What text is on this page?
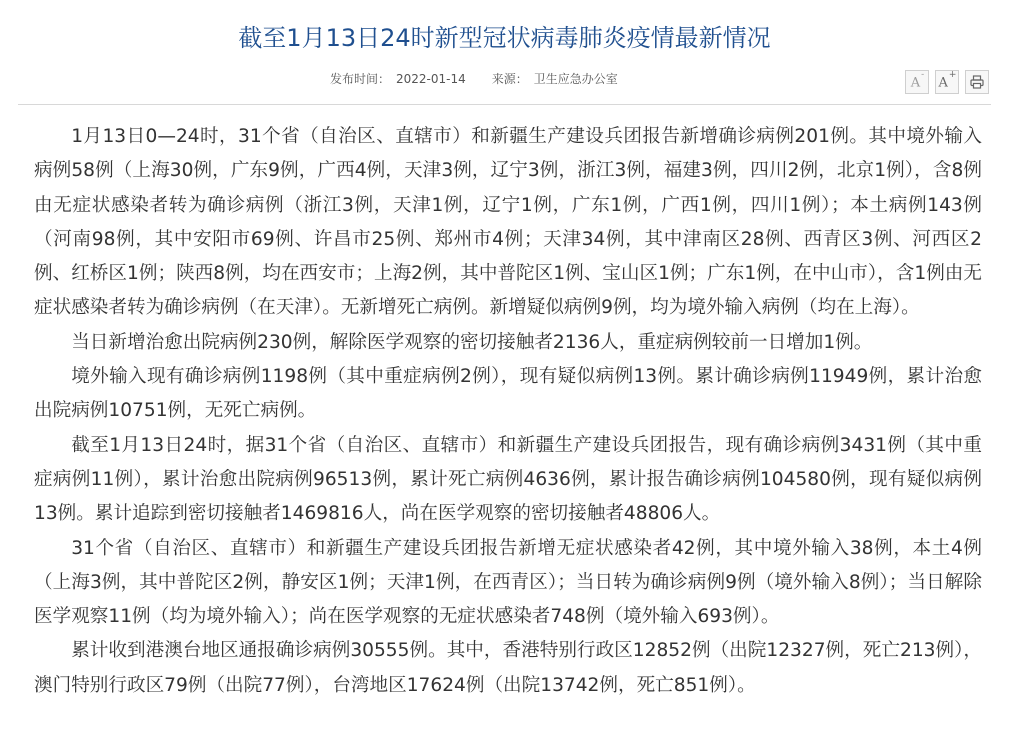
截至1月13日24时新型冠状病毒肺炎疫情最新情况
发布时间： 2022-01-14 来源： 卫生应急办公室	A-
A+

1月13日0—24时，31个省（自治区、直辖市）和新疆生产建设兵团报告新增确诊病例201例。其中境外输入病例58例（上海30例，广东9例，广西4例，天津3例，辽宁3例，浙江3例，福建3例，四川2例，北京1例），含8例由无症状感染者转为确诊病例（浙江3例，天津1例，辽宁1例，广东1例，广西1例，四川1例）；本土病例143例（河南98例，其中安阳市69例、许昌市25例、郑州市4例；天津34例，其中津南区28例、西青区3例、河西区2例、红桥区1例；陕西8例，均在西安市；上海2例，其中普陀区1例、宝山区1例；广东1例，在中山市），含1例由无症状感染者转为确诊病例（在天津）。无新增死亡病例。新增疑似病例9例，均为境外输入病例（均在上海）。

当日新增治愈出院病例230例，解除医学观察的密切接触者2136人，重症病例较前一日增加1例。

境外输入现有确诊病例1198例（其中重症病例2例），现有疑似病例13例。累计确诊病例11949例，累计治愈出院病例10751例，无死亡病例。

截至1月13日24时，据31个省（自治区、直辖市）和新疆生产建设兵团报告，现有确诊病例3431例（其中重症病例11例），累计治愈出院病例96513例，累计死亡病例4636例，累计报告确诊病例104580例，现有疑似病例13例。累计追踪到密切接触者1469816人，尚在医学观察的密切接触者48806人。

31个省（自治区、直辖市）和新疆生产建设兵团报告新增无症状感染者42例，其中境外输入38例，本土4例（上海3例，其中普陀区2例，静安区1例；天津1例，在西青区）；当日转为确诊病例9例（境外输入8例）；当日解除医学观察11例（均为境外输入）；尚在医学观察的无症状感染者748例（境外输入693例）。

累计收到港澳台地区通报确诊病例30555例。其中，香港特别行政区12852例（出院12327例，死亡213例），澳门特别行政区79例（出院77例），台湾地区17624例（出院13742例，死亡851例）。
